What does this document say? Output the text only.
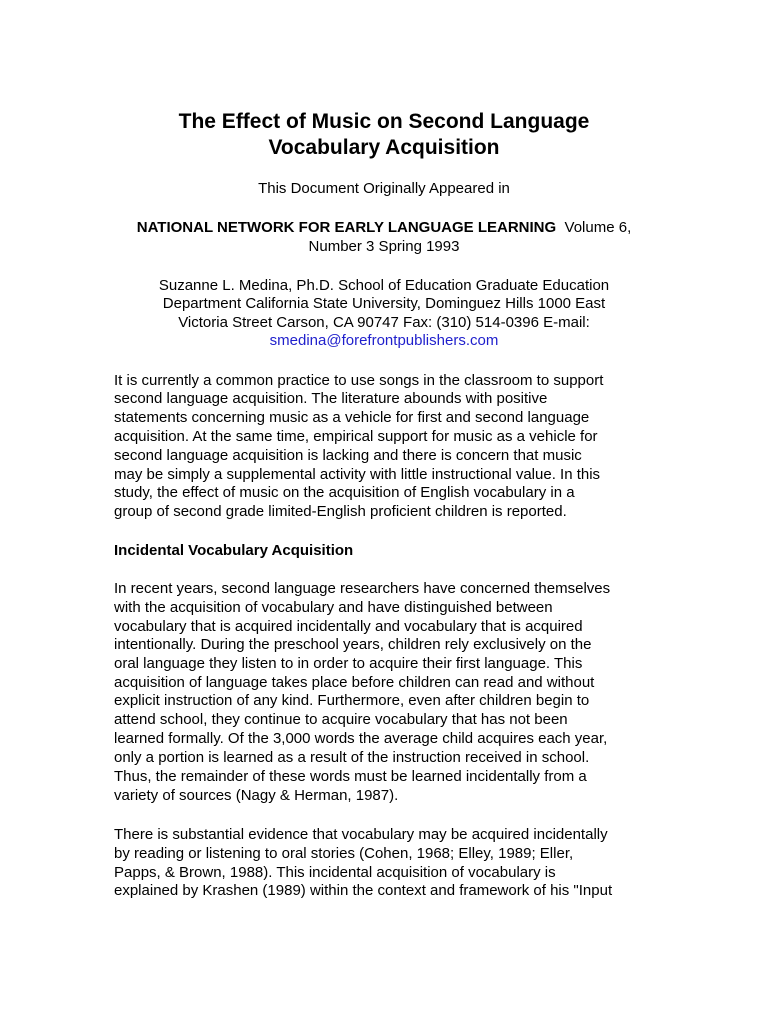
The Effect of Music on Second Language
Vocabulary Acquisition
This Document Originally Appeared in
NATIONAL NETWORK FOR EARLY LANGUAGE LEARNING Volume 6,
Number 3 Spring 1993
Suzanne L. Medina, Ph.D. School of Education Graduate Education
Department California State University, Dominguez Hills 1000 East
Victoria Street Carson, CA 90747 Fax: (310) 514-0396 E-mail:
smedina@forefrontpublishers.com
It is currently a common practice to use songs in the classroom to support
second language acquisition. The literature abounds with positive
statements concerning music as a vehicle for first and second language
acquisition. At the same time, empirical support for music as a vehicle for
second language acquisition is lacking and there is concern that music
may be simply a supplemental activity with little instructional value. In this
study, the effect of music on the acquisition of English vocabulary in a
group of second grade limited-English proficient children is reported.
Incidental Vocabulary Acquisition
In recent years, second language researchers have concerned themselves
with the acquisition of vocabulary and have distinguished between
vocabulary that is acquired incidentally and vocabulary that is acquired
intentionally. During the preschool years, children rely exclusively on the
oral language they listen to in order to acquire their first language. This
acquisition of language takes place before children can read and without
explicit instruction of any kind. Furthermore, even after children begin to
attend school, they continue to acquire vocabulary that has not been
learned formally. Of the 3,000 words the average child acquires each year,
only a portion is learned as a result of the instruction received in school.
Thus, the remainder of these words must be learned incidentally from a
variety of sources (Nagy & Herman, 1987).
There is substantial evidence that vocabulary may be acquired incidentally
by reading or listening to oral stories (Cohen, 1968; Elley, 1989; Eller,
Papps, & Brown, 1988). This incidental acquisition of vocabulary is
explained by Krashen (1989) within the context and framework of his "Input
